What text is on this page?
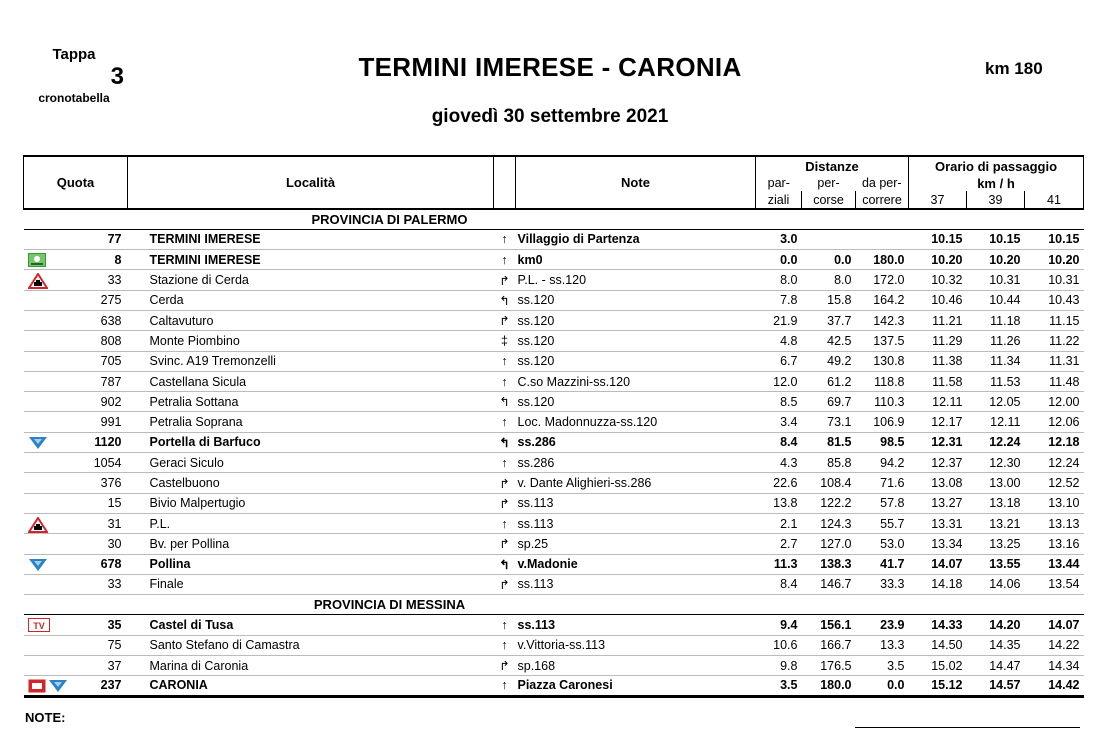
Tappa
3
cronotabella
TERMINI IMERESE - CARONIA	km 180
giovedì 30 settembre 2021
Quota		Località		Note	Distanze			Orario di passaggio		
					par-	per-	da per-	km / h		
					ziali	corse	correre	37	39	41
PROVINCIA DI PALERMO										
	77	TERMINI IMERESE	↑	Villaggio di Partenza	3.0			10.15	10.15	10.15
	8	TERMINI IMERESE	↑	km0	0.0	0.0	180.0	10.20	10.20	10.20
	33	Stazione di Cerda	↱	P.L. - ss.120	8.0	8.0	172.0	10.32	10.31	10.31
	275	Cerda	↰	ss.120	7.8	15.8	164.2	10.46	10.44	10.43
	638	Caltavuturo	↱	ss.120	21.9	37.7	142.3	11.21	11.18	11.15
	808	Monte Piombino	‡	ss.120	4.8	42.5	137.5	11.29	11.26	11.22
	705	Svinc. A19 Tremonzelli	↑	ss.120	6.7	49.2	130.8	11.38	11.34	11.31
	787	Castellana Sicula	↑	C.so Mazzini-ss.120	12.0	61.2	118.8	11.58	11.53	11.48
	902	Petralia Sottana	↰	ss.120	8.5	69.7	110.3	12.11	12.05	12.00
	991	Petralia Soprana	↑	Loc. Madonnuzza-ss.120	3.4	73.1	106.9	12.17	12.11	12.06
	1120	Portella di Barfuco	↰	ss.286	8.4	81.5	98.5	12.31	12.24	12.18
	1054	Geraci Siculo	↑	ss.286	4.3	85.8	94.2	12.37	12.30	12.24
	376	Castelbuono	↱	v. Dante Alighieri-ss.286	22.6	108.4	71.6	13.08	13.00	12.52
	15	Bivio Malpertugio	↱	ss.113	13.8	122.2	57.8	13.27	13.18	13.10
	31	P.L.	↑	ss.113	2.1	124.3	55.7	13.31	13.21	13.13
	30	Bv. per Pollina	↱	sp.25	2.7	127.0	53.0	13.34	13.25	13.16
	678	Pollina	↰	v.Madonie	11.3	138.3	41.7	14.07	13.55	13.44
	33	Finale	↱	ss.113	8.4	146.7	33.3	14.18	14.06	13.54
PROVINCIA DI MESSINA										

TV	35	Castel di Tusa	↑	ss.113	9.4	156.1	23.9	14.33	14.20	14.07
	75	Santo Stefano di Camastra	↑	v.Vittoria-ss.113	10.6	166.7	13.3	14.50	14.35	14.22
	37	Marina di Caronia	↱	sp.168	9.8	176.5	3.5	15.02	14.47	14.34
	237	CARONIA	↑	Piazza Caronesi	3.5	180.0	0.0	15.12	14.57	14.42
NOTE:
